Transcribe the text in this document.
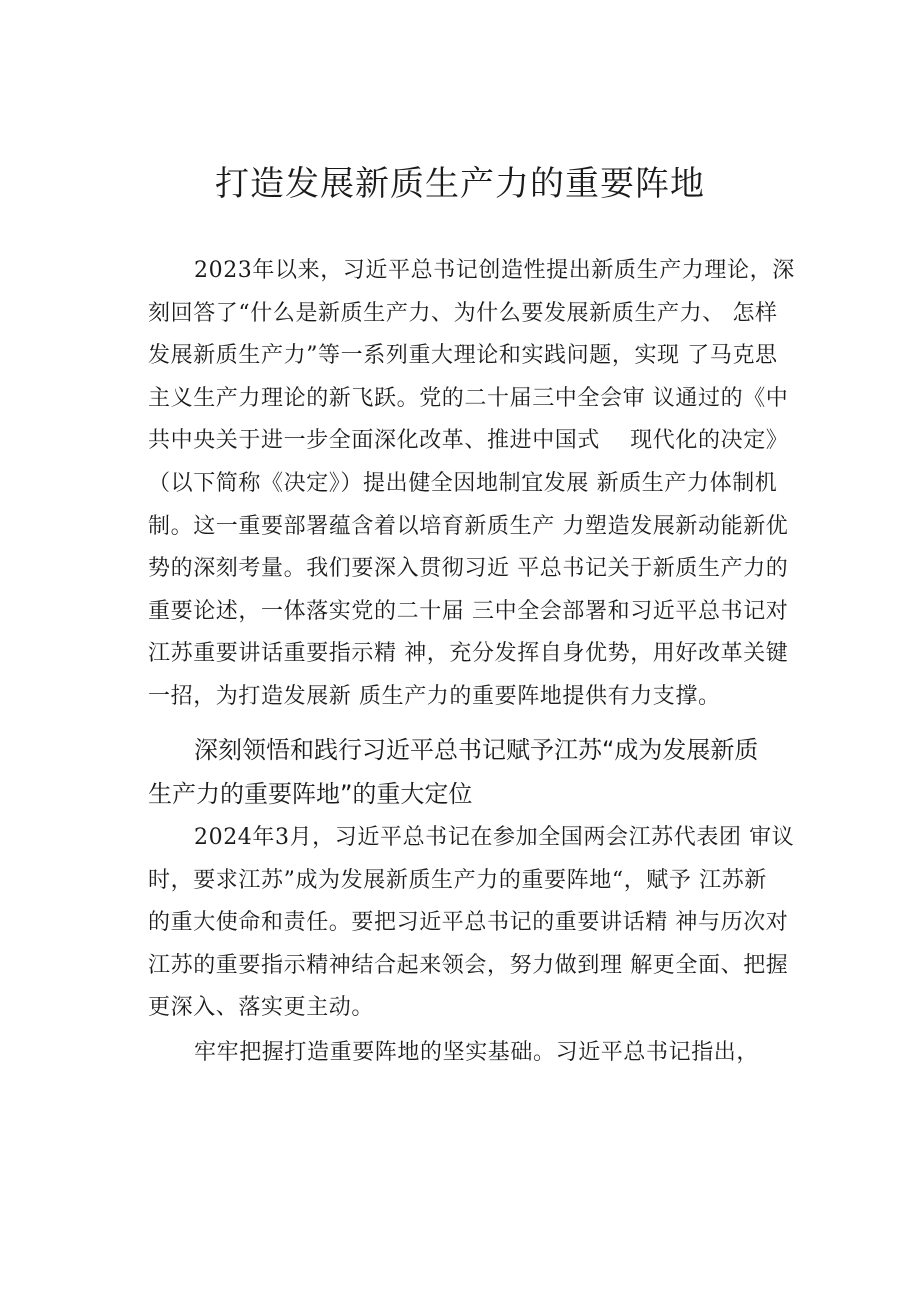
打造发展新质生产力的重要阵地
2023年以来，习近平总书记创造性提出新质生产力理论，深
刻回答了“什么是新质生产力、为什么要发展新质生产力、 怎样
发展新质生产力”等一系列重大理论和实践问题，实现 了马克思
主义生产力理论的新飞跃。党的二十届三中全会审 议通过的《中
共中央关于进一步全面深化改革、推进中国式　 现代化的决定》
（以下简称《决定》）提出健全因地制宜发展 新质生产力体制机
制。这一重要部署蕴含着以培育新质生产 力塑造发展新动能新优
势的深刻考量。我们要深入贯彻习近 平总书记关于新质生产力的
重要论述，一体落实党的二十届 三中全会部署和习近平总书记对
江苏重要讲话重要指示精 神，充分发挥自身优势，用好改革关键
一招，为打造发展新 质生产力的重要阵地提供有力支撑。
深刻领悟和践行习近平总书记赋予江苏“成为发展新质
生产力的重要阵地”的重大定位
2024年3月，习近平总书记在参加全国两会江苏代表团 审议
时，要求江苏”成为发展新质生产力的重要阵地“，赋予 江苏新
的重大使命和责任。要把习近平总书记的重要讲话精 神与历次对
江苏的重要指示精神结合起来领会，努力做到理 解更全面、把握
更深入、落实更主动。
牢牢把握打造重要阵地的坚实基础。习近平总书记指出，
